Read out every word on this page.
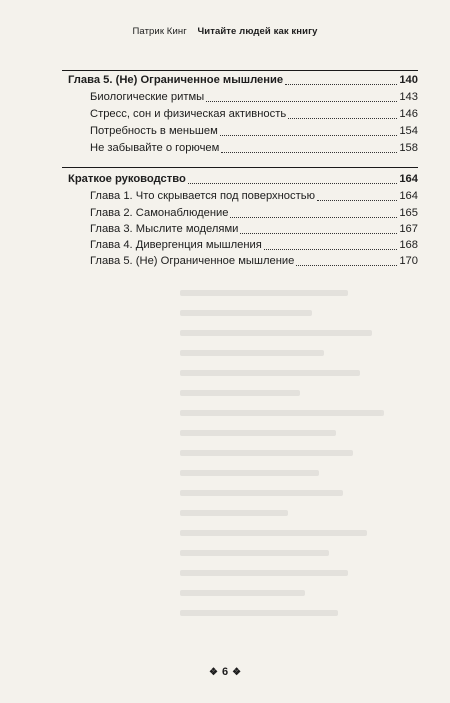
Патрик Кинг Читайте людей как книгу
Глава 5. (Не) Ограниченное мышление	140
Биологические ритмы	143
Стресс, сон и физическая активность	146
Потребность в меньшем	154
Не забывайте о горючем	158
Краткое руководство	164
Глава 1. Что скрывается под поверхностью	164
Глава 2. Самонаблюдение	165
Глава 3. Мыслите моделями	167
Глава 4. Дивергенция мышления	168
Глава 5. (Не) Ограниченное мышление	170
❖ 6 ❖
